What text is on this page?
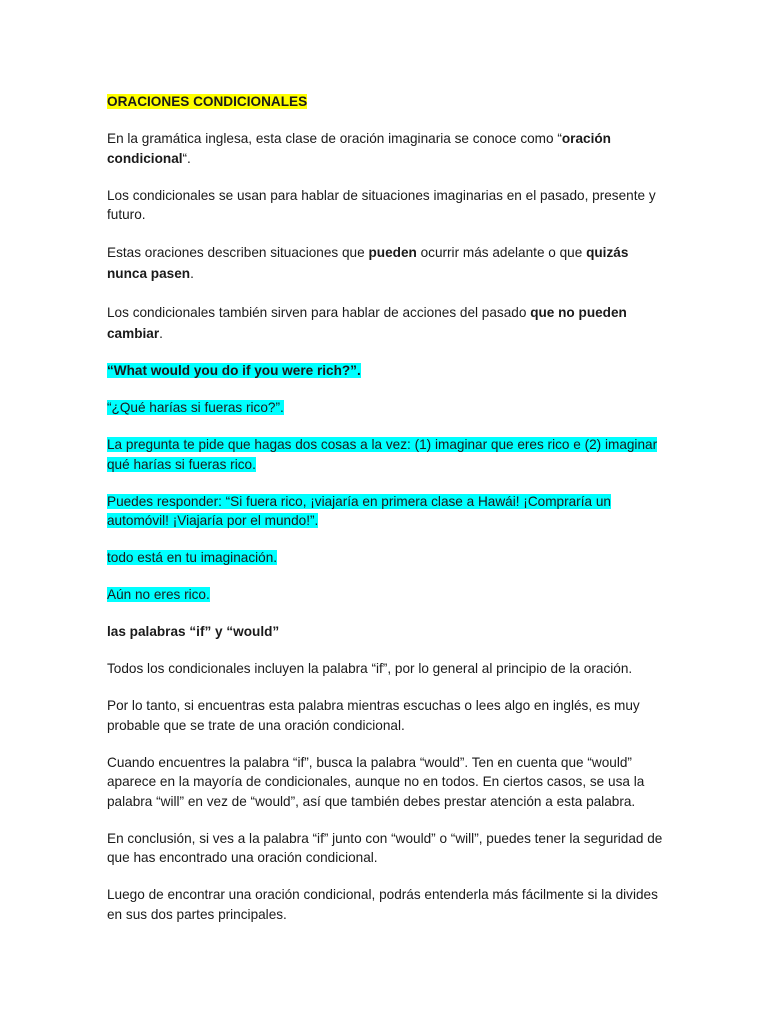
ORACIONES CONDICIONALES

En la gramática inglesa, esta clase de oración imaginaria se conoce como “oración condicional“.

Los condicionales se usan para hablar de situaciones imaginarias en el pasado, presente y futuro.

Estas oraciones describen situaciones que pueden ocurrir más adelante o que quizás nunca pasen.

Los condicionales también sirven para hablar de acciones del pasado que no pueden cambiar.

“What would you do if you were rich?”.

“¿Qué harías si fueras rico?”.

La pregunta te pide que hagas dos cosas a la vez: (1) imaginar que eres rico e (2) imaginar qué harías si fueras rico.

Puedes responder: “Si fuera rico, ¡viajaría en primera clase a Hawái! ¡Compraría un automóvil! ¡Viajaría por el mundo!”.

todo está en tu imaginación.

Aún no eres rico.

las palabras “if” y “would”

Todos los condicionales incluyen la palabra “if”, por lo general al principio de la oración.

Por lo tanto, si encuentras esta palabra mientras escuchas o lees algo en inglés, es muy probable que se trate de una oración condicional.

Cuando encuentres la palabra “if”, busca la palabra “would”. Ten en cuenta que “would” aparece en la mayoría de condicionales, aunque no en todos. En ciertos casos, se usa la palabra “will” en vez de “would”, así que también debes prestar atención a esta palabra.

En conclusión, si ves a la palabra “if” junto con “would” o “will”, puedes tener la seguridad de que has encontrado una oración condicional.

Luego de encontrar una oración condicional, podrás entenderla más fácilmente si la divides en sus dos partes principales.
